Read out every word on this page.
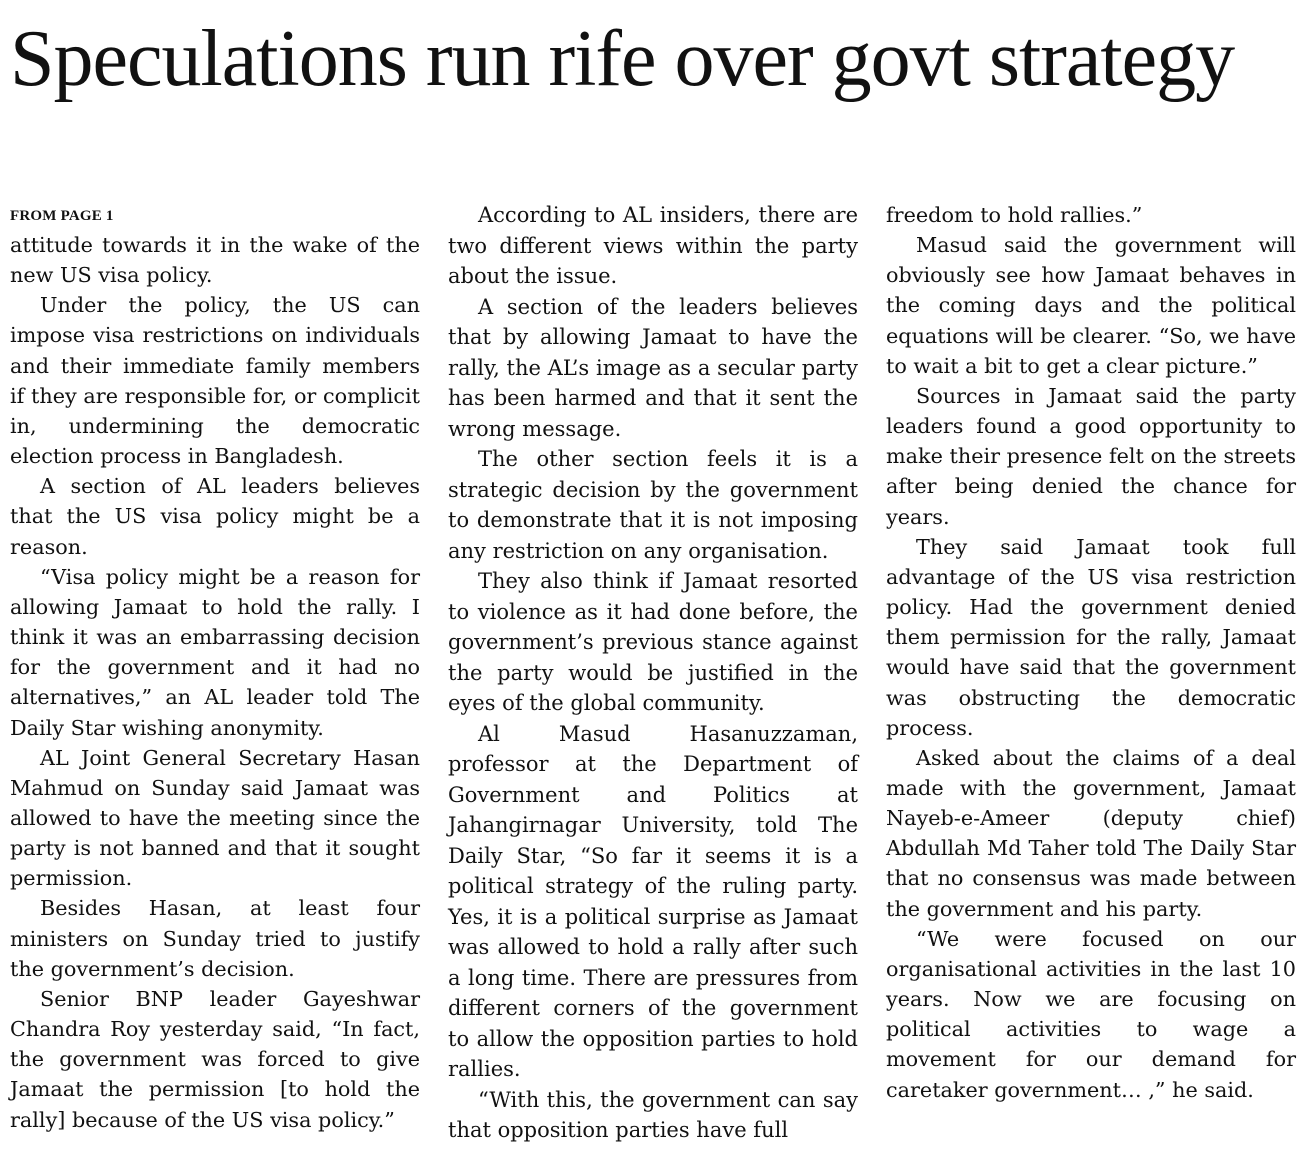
Speculations run rife over govt strategy
FROM PAGE 1

attitude towards it in the wake of the new US visa policy.

Under the policy, the US can impose visa restrictions on individuals and their immediate family members if they are responsible for, or complicit in, undermining the democratic election process in Bangladesh.

A section of AL leaders believes that the US visa policy might be a reason.

“Visa policy might be a reason for allowing Jamaat to hold the rally. I think it was an embarrassing decision for the government and it had no alternatives,” an AL leader told The Daily Star wishing anonymity.

AL Joint General Secretary Hasan Mahmud on Sunday said Jamaat was allowed to have the meeting since the party is not banned and that it sought permission.

Besides Hasan, at least four ministers on Sunday tried to justify the government’s decision.

Senior BNP leader Gayeshwar Chandra Roy yesterday said, “In fact, the government was forced to give Jamaat the permission [to hold the rally] because of the US visa policy.”

According to AL insiders, there are two different views within the party about the issue.

A section of the leaders believes that by allowing Jamaat to have the rally, the AL’s image as a secular party has been harmed and that it sent the wrong message.

The other section feels it is a strategic decision by the government to demonstrate that it is not imposing any restriction on any organisation.

They also think if Jamaat resorted to violence as it had done before, the government’s previous stance against the party would be justified in the eyes of the global community.

Al Masud Hasanuzzaman, professor at the Department of Government and Politics at Jahangirnagar University, told The Daily Star, “So far it seems it is a political strategy of the ruling party. Yes, it is a political surprise as Jamaat was allowed to hold a rally after such a long time. There are pressures from different corners of the government to allow the opposition parties to hold rallies.

“With this, the government can say that opposition parties have full

freedom to hold rallies.”

Masud said the government will obviously see how Jamaat behaves in the coming days and the political equations will be clearer. “So, we have to wait a bit to get a clear picture.”

Sources in Jamaat said the party leaders found a good opportunity to make their presence felt on the streets after being denied the chance for years.

They said Jamaat took full advantage of the US visa restriction policy. Had the government denied them permission for the rally, Jamaat would have said that the government was obstructing the democratic process.

Asked about the claims of a deal made with the government, Jamaat Nayeb-e-Ameer (deputy chief) Abdullah Md Taher told The Daily Star that no consensus was made between the government and his party.

“We were focused on our organisational activities in the last 10 years. Now we are focusing on political activities to wage a movement for our demand for caretaker government… ,” he said.
